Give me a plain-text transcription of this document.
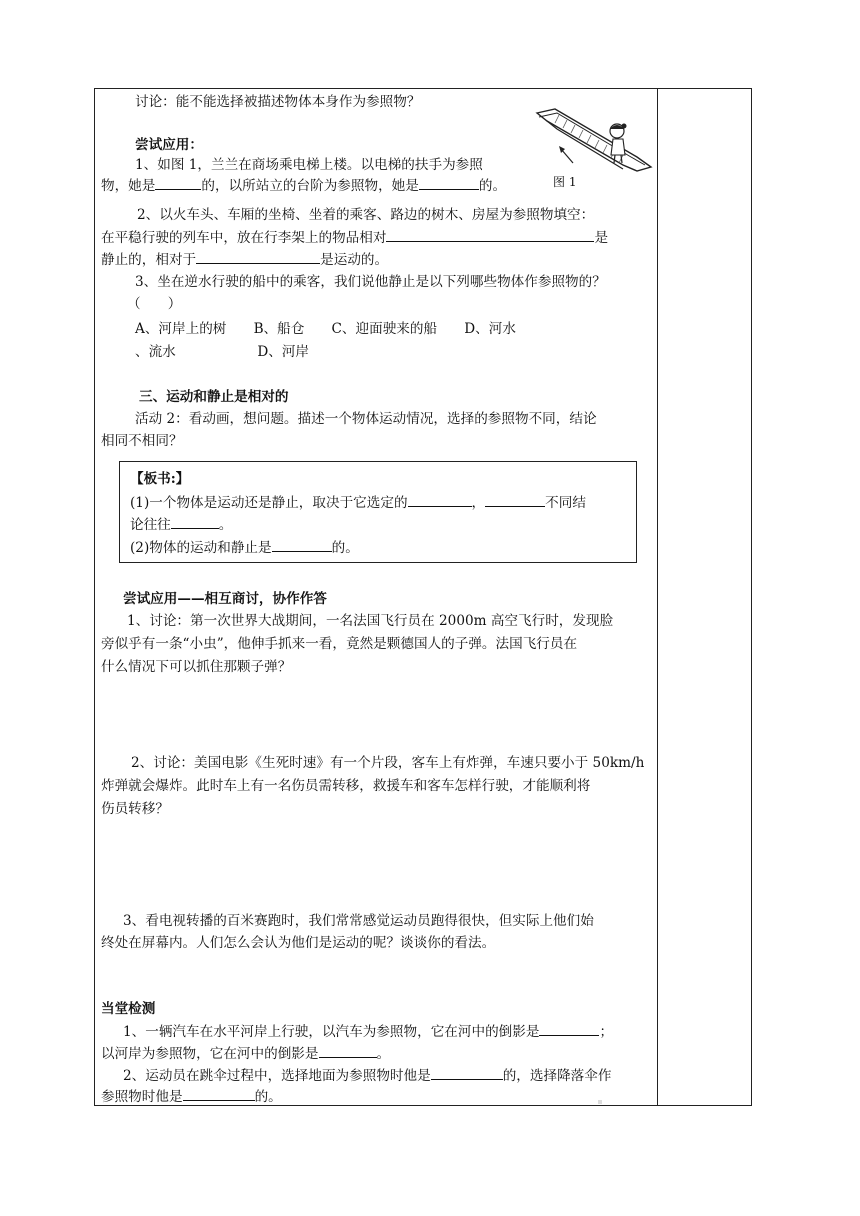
图 1
讨论：能不能选择被描述物体本身作为参照物？
尝试应用：
1、如图 1，兰兰在商场乘电梯上楼。以电梯的扶手为参照
物，她是	的，以所站立的台阶为参照物，她是	的。
2、以火车头、车厢的坐椅、坐着的乘客、路边的树木、房屋为参照物填空：
在平稳行驶的列车中，放在行李架上的物品相对	是
静止的，相对于	是运动的。
3、坐在逆水行驶的船中的乘客，我们说他静止是以下列哪些物体作参照物的？
（　　）
A、河岸上的树　　B、船仓　　C、迎面驶来的船　　D、河水
、流水　　　　　　D、河岸
三、运动和静止是相对的
活动 2：看动画，想问题。描述一个物体运动情况，选择的参照物不同，结论
相同不相同？
【板书:】
(1)一个物体是运动还是静止，取决于它选定的	，	不同结
论往往	。
(2)物体的运动和静止是	的。
尝试应用——相互商讨，协作作答
1、讨论：第一次世界大战期间，一名法国飞行员在 2000m 高空飞行时，发现脸
旁似乎有一条“小虫”，他伸手抓来一看，竟然是颗德国人的子弹。法国飞行员在
什么情况下可以抓住那颗子弹？
2、讨论：美国电影《生死时速》有一个片段，客车上有炸弹，车速只要小于 50km/h
炸弹就会爆炸。此时车上有一名伤员需转移，救援车和客车怎样行驶，才能顺利将
伤员转移？
3、看电视转播的百米赛跑时，我们常常感觉运动员跑得很快，但实际上他们始
终处在屏幕内。人们怎么会认为他们是运动的呢？谈谈你的看法。
当堂检测
1、一辆汽车在水平河岸上行驶，以汽车为参照物，它在河中的倒影是	；
以河岸为参照物，它在河中的倒影是	。
2、运动员在跳伞过程中，选择地面为参照物时他是	的，选择降落伞作
参照物时他是	的。
